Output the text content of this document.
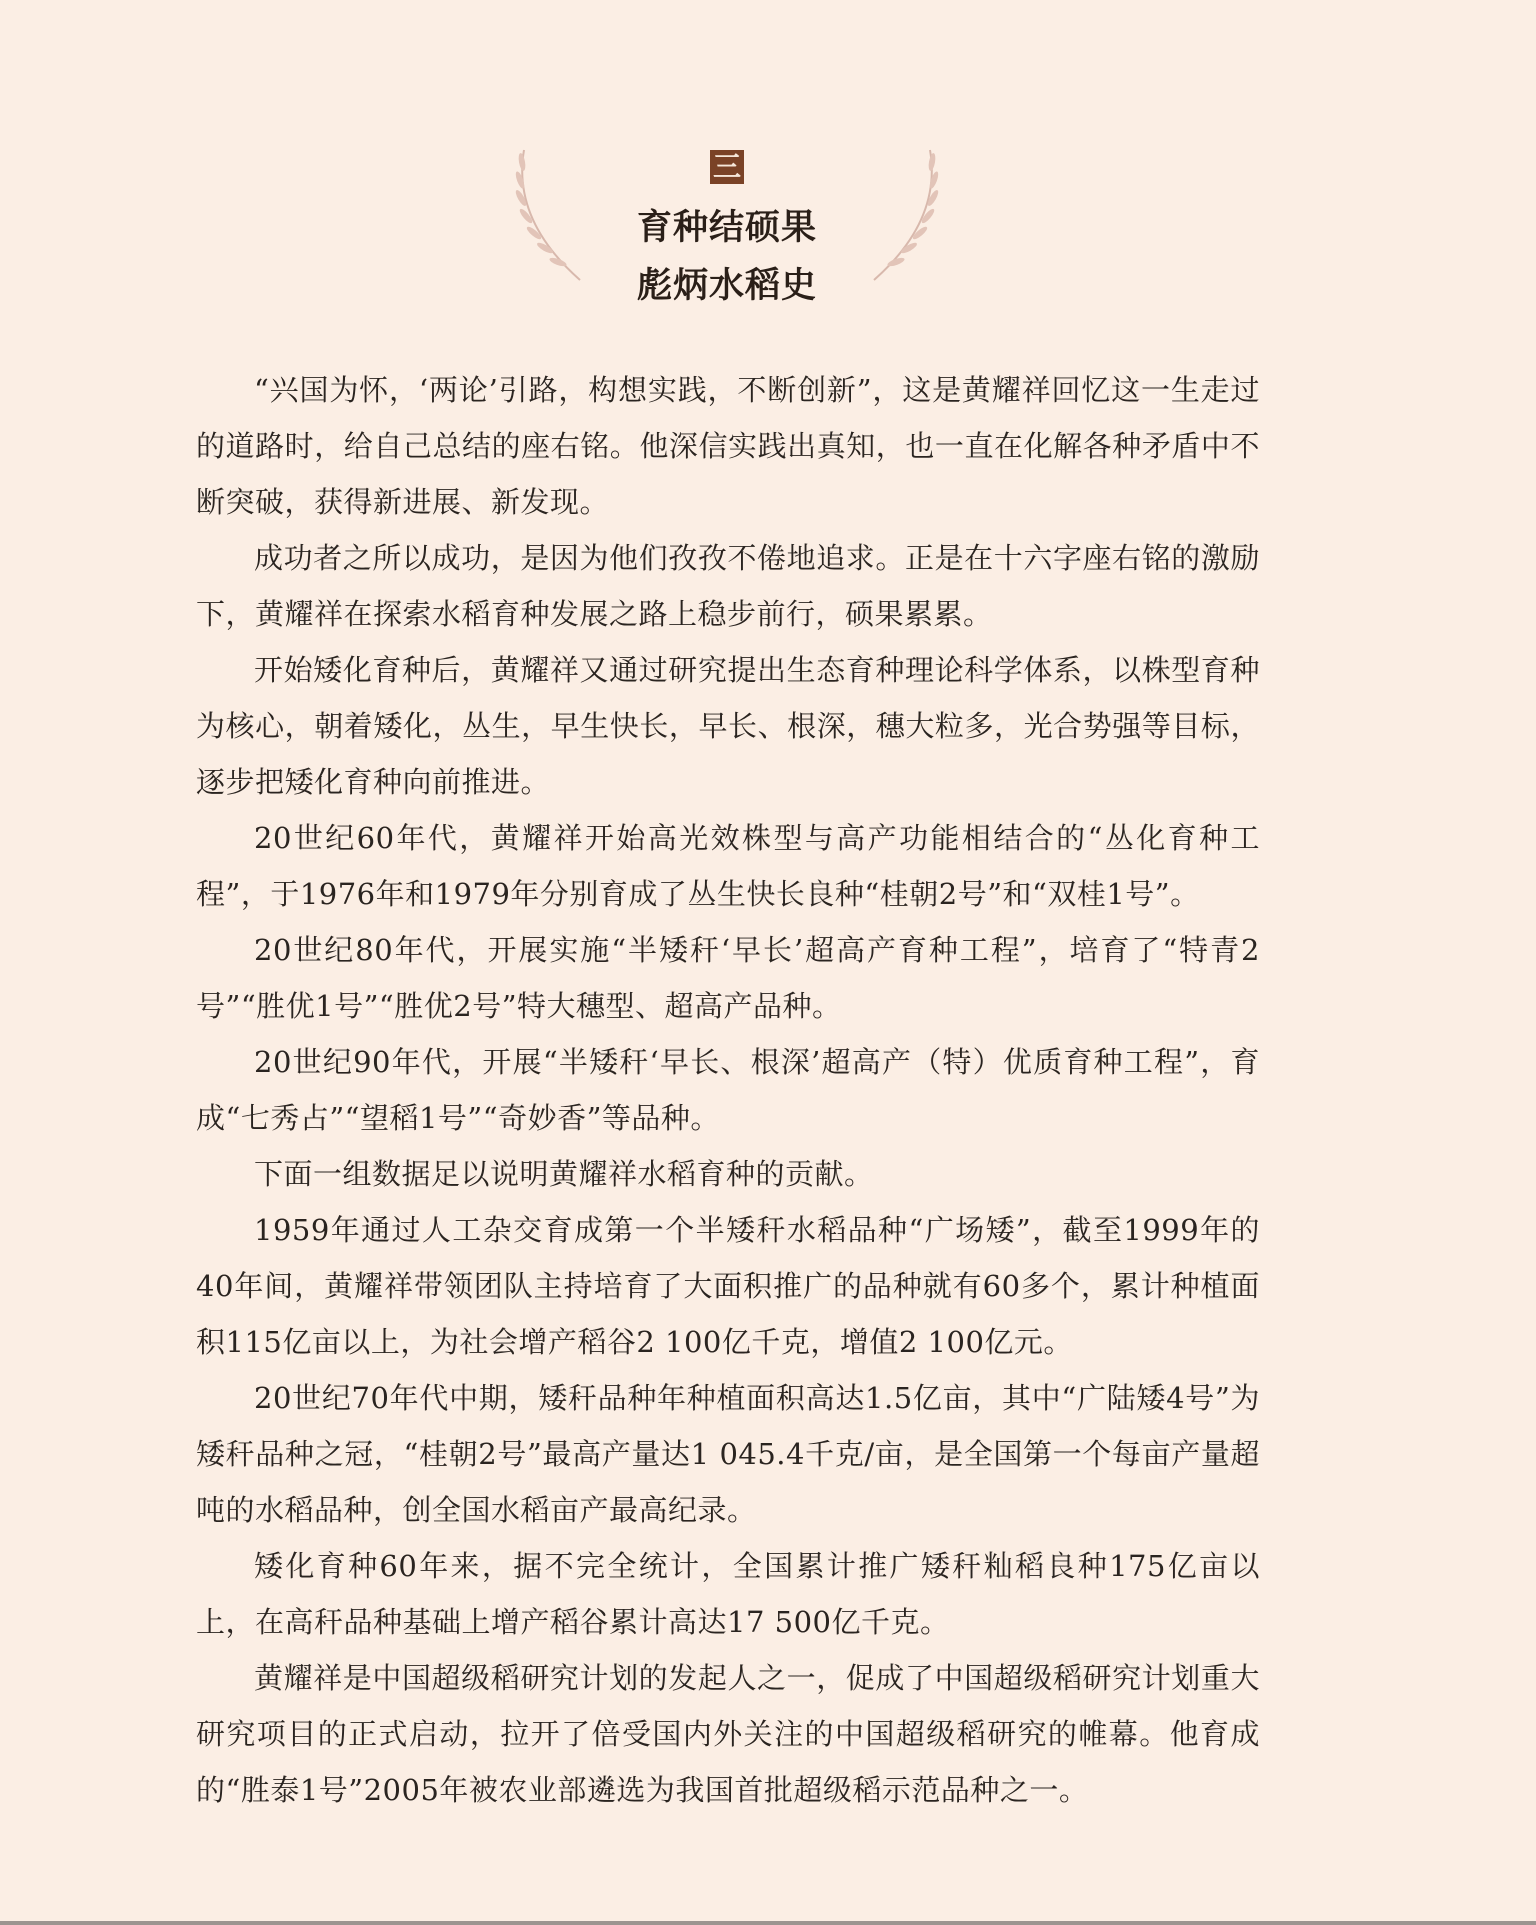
三
育种结硕果
彪炳水稻史

“兴国为怀，‘两论’引路，构想实践，不断创新”，这是黄耀祥回忆这一生走过的道路时，给自己总结的座右铭。他深信实践出真知，也一直在化解各种矛盾中不断突破，获得新进展、新发现。

成功者之所以成功，是因为他们孜孜不倦地追求。正是在十六字座右铭的激励下，黄耀祥在探索水稻育种发展之路上稳步前行，硕果累累。

开始矮化育种后，黄耀祥又通过研究提出生态育种理论科学体系，以株型育种为核心，朝着矮化，丛生，早生快长，早长、根深，穗大粒多，光合势强等目标，逐步把矮化育种向前推进。

20世纪60年代，黄耀祥开始高光效株型与高产功能相结合的“丛化育种工程”，于1976年和1979年分别育成了丛生快长良种“桂朝2号”和“双桂1号”。

20世纪80年代，开展实施“半矮秆‘早长’超高产育种工程”，培育了“特青2号”“胜优1号”“胜优2号”特大穗型、超高产品种。

20世纪90年代，开展“半矮秆‘早长、根深’超高产（特）优质育种工程”，育成“七秀占”“望稻1号”“奇妙香”等品种。

下面一组数据足以说明黄耀祥水稻育种的贡献。

1959年通过人工杂交育成第一个半矮秆水稻品种“广场矮”，截至1999年的40年间，黄耀祥带领团队主持培育了大面积推广的品种就有60多个，累计种植面积115亿亩以上，为社会增产稻谷2 100亿千克，增值2 100亿元。

20世纪70年代中期，矮秆品种年种植面积高达1.5亿亩，其中“广陆矮4号”为矮秆品种之冠，“桂朝2号”最高产量达1 045.4千克/亩，是全国第一个每亩产量超吨的水稻品种，创全国水稻亩产最高纪录。

矮化育种60年来，据不完全统计，全国累计推广矮秆籼稻良种175亿亩以上，在高秆品种基础上增产稻谷累计高达17 500亿千克。

黄耀祥是中国超级稻研究计划的发起人之一，促成了中国超级稻研究计划重大研究项目的正式启动，拉开了倍受国内外关注的中国超级稻研究的帷幕。他育成的“胜泰1号”2005年被农业部遴选为我国首批超级稻示范品种之一。
